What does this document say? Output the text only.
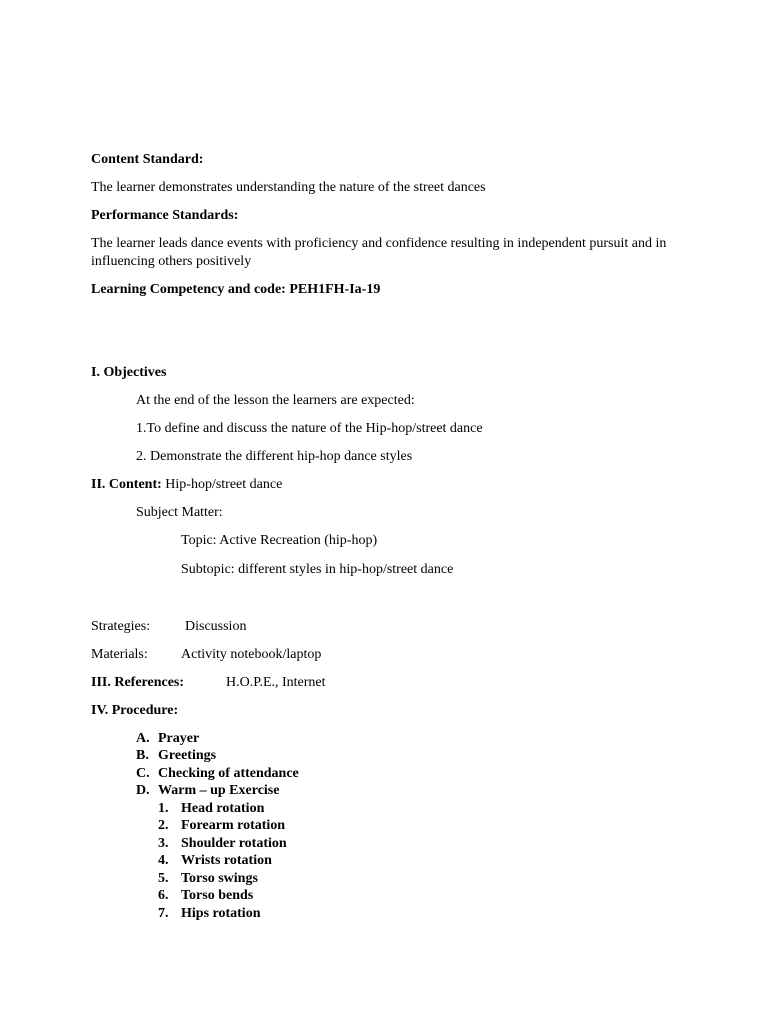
Content Standard:
The learner demonstrates understanding the nature of the street dances
Performance Standards:
The learner leads dance events with proficiency and confidence resulting in independent pursuit and in influencing others positively
Learning Competency and code: PEH1FH-Ia-19
I. Objectives
At the end of the lesson the learners are expected:
1.To define and discuss the nature of the Hip-hop/street dance
2. Demonstrate the different hip-hop dance styles
II. Content: Hip-hop/street dance
Subject Matter:
Topic: Active Recreation (hip-hop)
Subtopic: different styles in hip-hop/street dance
Strategies: Discussion
Materials: Activity notebook/laptop
III. References:	H.O.P.E., Internet
IV. Procedure:
A. Prayer
B. Greetings
C. Checking of attendance
D. Warm – up Exercise
1. Head rotation
2. Forearm rotation
3. Shoulder rotation
4. Wrists rotation
5. Torso swings
6. Torso bends
7. Hips rotation
